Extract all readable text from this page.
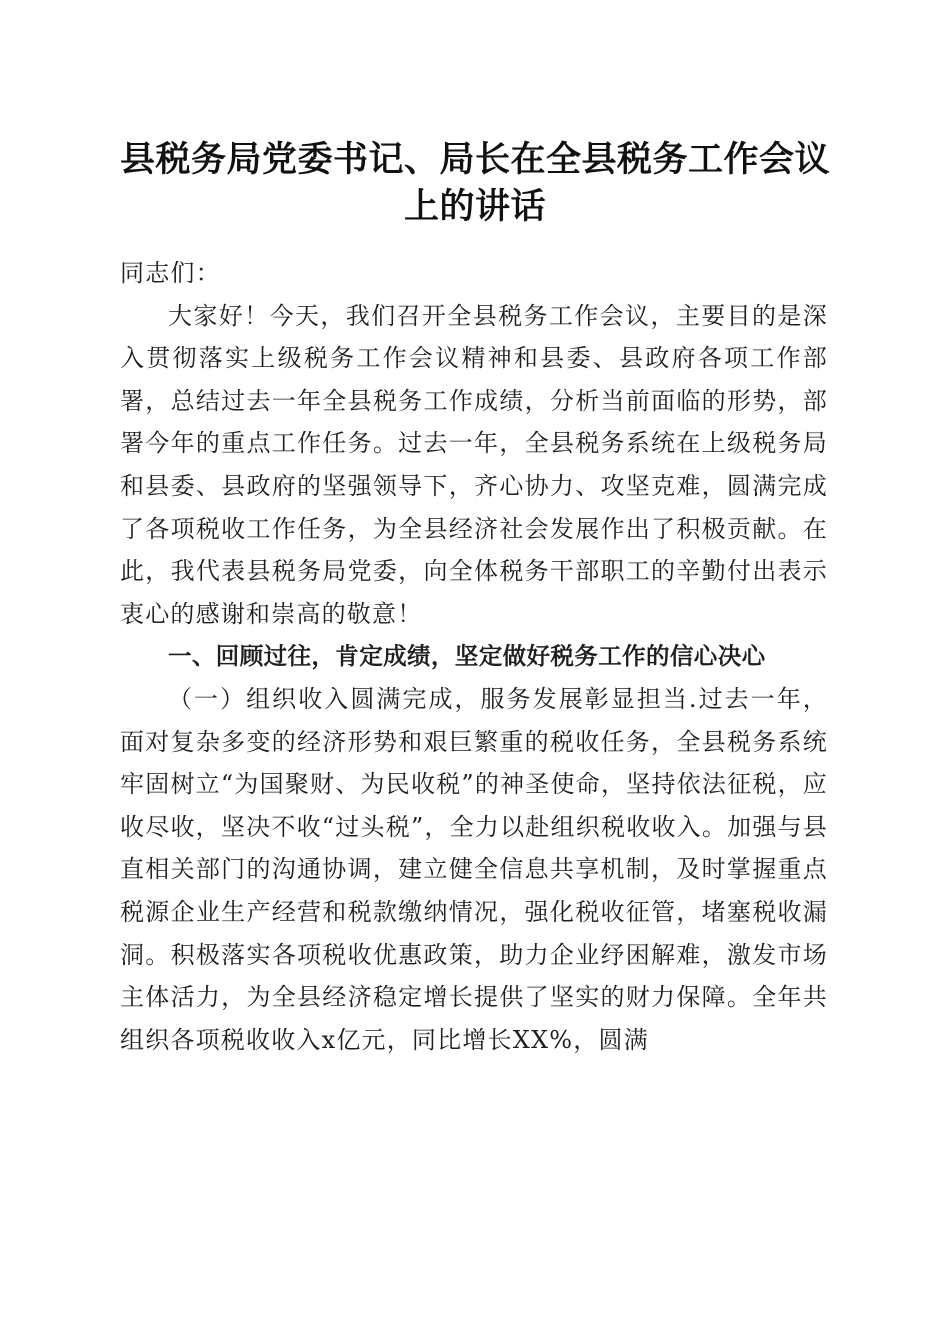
县税务局党委书记、局长在全县税务工作会议
上的讲话

同志们：

大家好！今天，我们召开全县税务工作会议，主要目的是深入贯彻落实上级税务工作会议精神和县委、县政府各项工作部署，总结过去一年全县税务工作成绩，分析当前面临的形势，部署今年的重点工作任务。过去一年，全县税务系统在上级税务局和县委、县政府的坚强领导下，齐心协力、攻坚克难，圆满完成了各项税收工作任务，为全县经济社会发展作出了积极贡献。在此，我代表县税务局党委，向全体税务干部职工的辛勤付出表示衷心的感谢和崇高的敬意！

一、回顾过往，肯定成绩，坚定做好税务工作的信心决心

（一）组织收入圆满完成，服务发展彰显担当.过去一年，面对复杂多变的经济形势和艰巨繁重的税收任务，全县税务系统牢固树立“为国聚财、为民收税”的神圣使命，坚持依法征税，应收尽收，坚决不收“过头税”，全力以赴组织税收收入。加强与县直相关部门的沟通协调，建立健全信息共享机制，及时掌握重点税源企业生产经营和税款缴纳情况，强化税收征管，堵塞税收漏洞。积极落实各项税收优惠政策，助力企业纾困解难，激发市场主体活力，为全县经济稳定增长提供了坚实的财力保障。全年共组织各项税收收入x亿元，同比增长XX%，圆满
